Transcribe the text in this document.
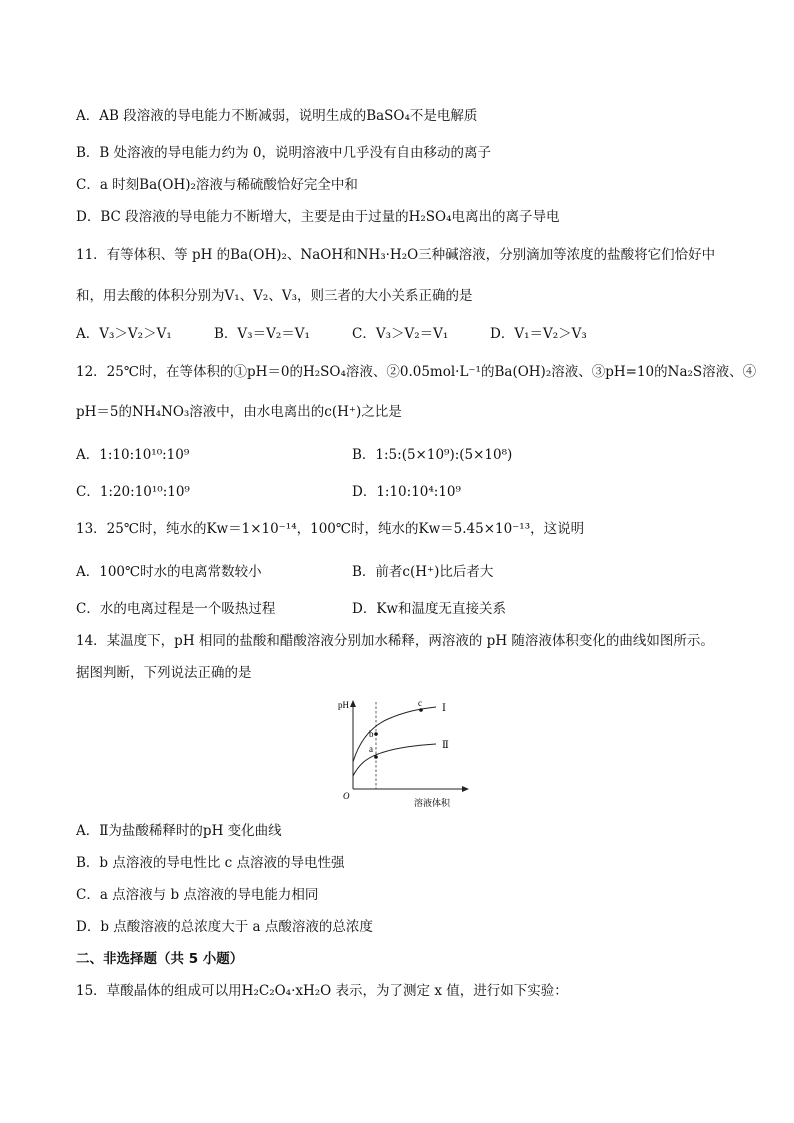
A．AB 段溶液的导电能力不断减弱，说明生成的BaSO₄不是电解质
B．B 处溶液的导电能力约为 0，说明溶液中几乎没有自由移动的离子
C．a 时刻Ba(OH)₂溶液与稀硫酸恰好完全中和
D．BC 段溶液的导电能力不断增大，主要是由于过量的H₂SO₄电离出的离子导电
11．有等体积、等 pH 的Ba(OH)₂、NaOH和NH₃·H₂O三种碱溶液，分别滴加等浓度的盐酸将它们恰好中
和，用去酸的体积分别为V₁、V₂、V₃，则三者的大小关系正确的是
A．V₃＞V₂＞V₁	B．V₃＝V₂＝V₁	C．V₃＞V₂＝V₁	D．V₁＝V₂＞V₃
12．25℃时，在等体积的①pH＝0的H₂SO₄溶液、②0.05mol·L⁻¹的Ba(OH)₂溶液、③pH=10的Na₂S溶液、④
pH＝5的NH₄NO₃溶液中，由水电离出的c(H⁺)之比是
A．1:10:10¹⁰:10⁹	B．1:5:(5×10⁹):(5×10⁸)
C．1:20:10¹⁰:10⁹	D．1:10:10⁴:10⁹
13．25℃时，纯水的Kw＝1×10⁻¹⁴，100℃时，纯水的Kw＝5.45×10⁻¹³，这说明
A．100℃时水的电离常数较小	B．前者c(H⁺)比后者大
C．水的电离过程是一个吸热过程	D．Kw和温度无直接关系
14．某温度下，pH 相同的盐酸和醋酸溶液分别加水稀释，两溶液的 pH 随溶液体积变化的曲线如图所示。
据图判断，下列说法正确的是
pH
O
溶液体积
Ⅰ
Ⅱ
c
b
a
A．Ⅱ为盐酸稀释时的pH 变化曲线
B．b 点溶液的导电性比 c 点溶液的导电性强
C．a 点溶液与 b 点溶液的导电能力相同
D．b 点酸溶液的总浓度大于 a 点酸溶液的总浓度
二、非选择题（共 5 小题）
15．草酸晶体的组成可以用H₂C₂O₄·xH₂O 表示，为了测定 x 值，进行如下实验：
